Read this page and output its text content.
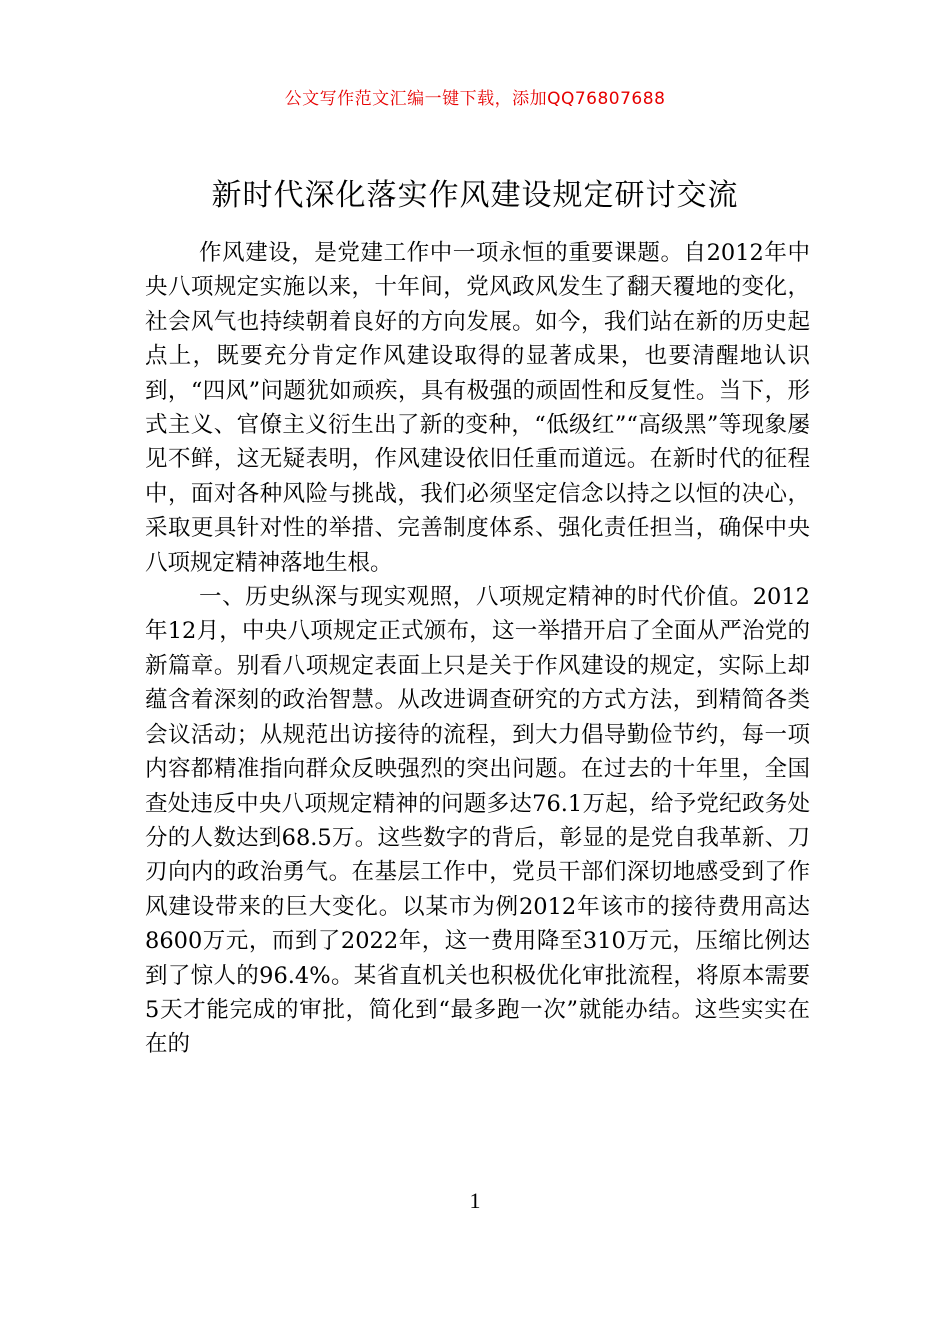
公文写作范文汇编一键下载，添加QQ76807688
新时代深化落实作风建设规定研讨交流

作风建设，是党建工作中一项永恒的重要课题。自2012年中央八项规定实施以来，十年间，党风政风发生了翻天覆地的变化，社会风气也持续朝着良好的方向发展。如今，我们站在新的历史起点上，既要充分肯定作风建设取得的显著成果，也要清醒地认识到，“四风”问题犹如顽疾，具有极强的顽固性和反复性。当下，形式主义、官僚主义衍生出了新的变种，“低级红”“高级黑”等现象屡见不鲜，这无疑表明，作风建设依旧任重而道远。在新时代的征程中，面对各种风险与挑战，我们必须坚定信念以持之以恒的决心，采取更具针对性的举措、完善制度体系、强化责任担当，确保中央八项规定精神落地生根。

一、历史纵深与现实观照，八项规定精神的时代价值。2012年12月，中央八项规定正式颁布，这一举措开启了全面从严治党的新篇章。别看八项规定表面上只是关于作风建设的规定，实际上却蕴含着深刻的政治智慧。从改进调查研究的方式方法，到精简各类会议活动；从规范出访接待的流程，到大力倡导勤俭节约，每一项内容都精准指向群众反映强烈的突出问题。在过去的十年里，全国查处违反中央八项规定精神的问题多达76.1万起，给予党纪政务处分的人数达到68.5万。这些数字的背后，彰显的是党自我革新、刀刃向内的政治勇气。在基层工作中，党员干部们深切地感受到了作风建设带来的巨大变化。以某市为例2012年该市的接待费用高达8600万元，而到了2022年，这一费用降至310万元，压缩比例达到了惊人的96.4%。某省直机关也积极优化审批流程，将原本需要5天才能完成的审批，简化到“最多跑一次”就能办结。这些实实在在的

1
